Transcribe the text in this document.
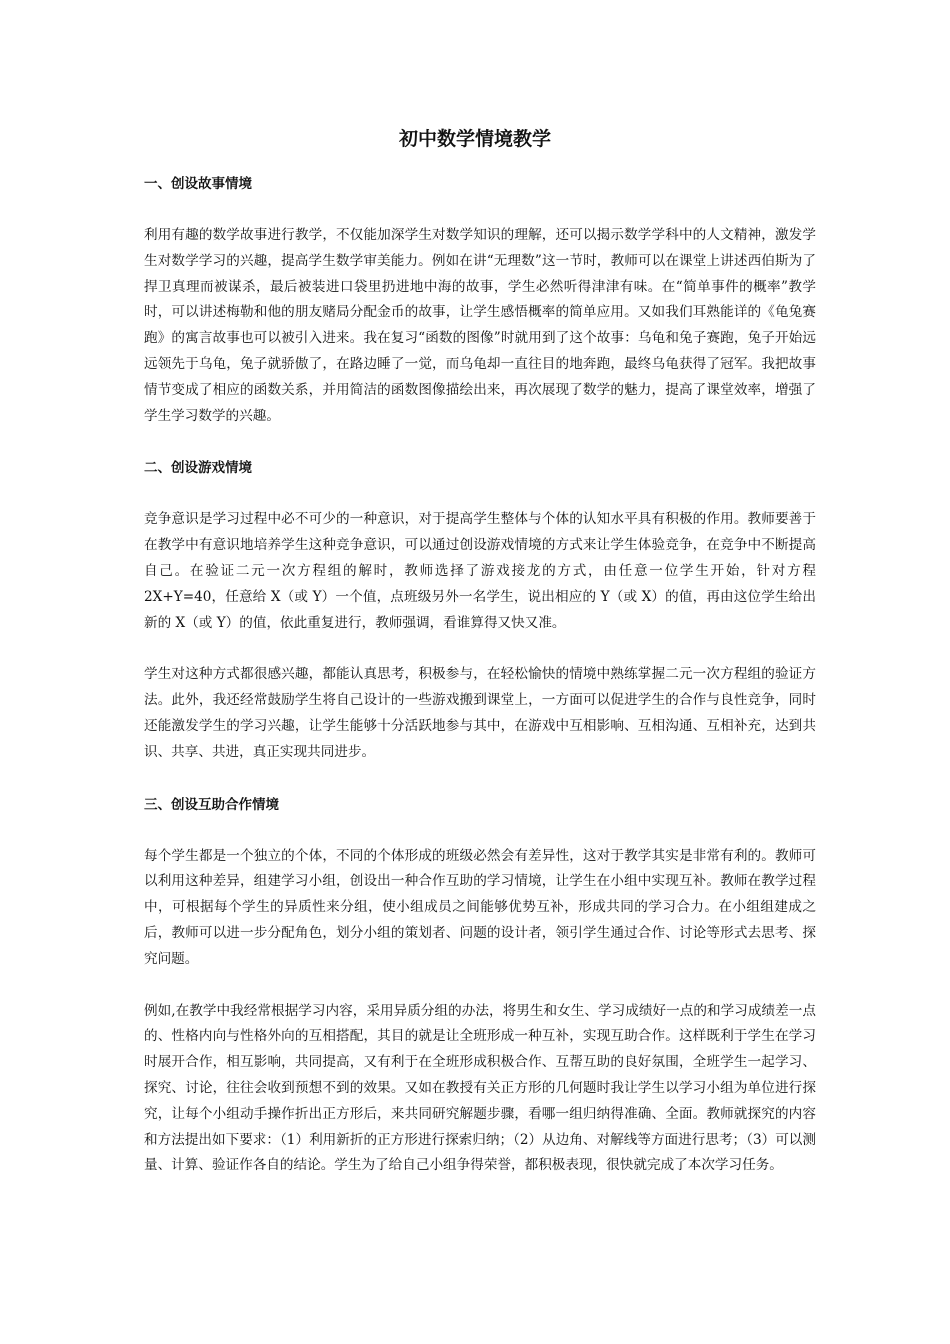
初中数学情境教学
一、创设故事情境

利用有趣的数学故事进行教学，不仅能加深学生对数学知识的理解，还可以揭示数学学科中的人文精神，激发学生对数学学习的兴趣，提高学生数学审美能力。例如在讲“无理数”这一节时，教师可以在课堂上讲述西伯斯为了捍卫真理而被谋杀，最后被装进口袋里扔进地中海的故事，学生必然听得津津有味。在“简单事件的概率”教学时，可以讲述梅勒和他的朋友赌局分配金币的故事，让学生感悟概率的简单应用。又如我们耳熟能详的《龟兔赛跑》的寓言故事也可以被引入进来。我在复习“函数的图像”时就用到了这个故事：乌龟和兔子赛跑，兔子开始远远领先于乌龟，兔子就骄傲了，在路边睡了一觉，而乌龟却一直往目的地奔跑，最终乌龟获得了冠军。我把故事情节变成了相应的函数关系，并用简洁的函数图像描绘出来，再次展现了数学的魅力，提高了课堂效率，增强了学生学习数学的兴趣。

二、创设游戏情境

竞争意识是学习过程中必不可少的一种意识，对于提高学生整体与个体的认知水平具有积极的作用。教师要善于在教学中有意识地培养学生这种竞争意识，可以通过创设游戏情境的方式来让学生体验竞争，在竞争中不断提高自己。在验证二元一次方程组的解时，教师选择了游戏接龙的方式，由任意一位学生开始，针对方程 2X+Y=40，任意给 X（或 Y）一个值，点班级另外一名学生，说出相应的 Y（或 X）的值，再由这位学生给出新的 X（或 Y）的值，依此重复进行，教师强调，看谁算得又快又准。

学生对这种方式都很感兴趣，都能认真思考，积极参与，在轻松愉快的情境中熟练掌握二元一次方程组的验证方法。此外，我还经常鼓励学生将自己设计的一些游戏搬到课堂上，一方面可以促进学生的合作与良性竞争，同时还能激发学生的学习兴趣，让学生能够十分活跃地参与其中，在游戏中互相影响、互相沟通、互相补充，达到共识、共享、共进，真正实现共同进步。

三、创设互助合作情境

每个学生都是一个独立的个体，不同的个体形成的班级必然会有差异性，这对于教学其实是非常有利的。教师可以利用这种差异，组建学习小组，创设出一种合作互助的学习情境，让学生在小组中实现互补。教师在教学过程中，可根据每个学生的异质性来分组，使小组成员之间能够优势互补，形成共同的学习合力。在小组组建成之后，教师可以进一步分配角色，划分小组的策划者、问题的设计者，领引学生通过合作、讨论等形式去思考、探究问题。

例如,在教学中我经常根据学习内容，采用异质分组的办法，将男生和女生、学习成绩好一点的和学习成绩差一点的、性格内向与性格外向的互相搭配，其目的就是让全班形成一种互补，实现互助合作。这样既利于学生在学习时展开合作，相互影响，共同提高，又有利于在全班形成积极合作、互帮互助的良好氛围，全班学生一起学习、探究、讨论，往往会收到预想不到的效果。又如在教授有关正方形的几何题时我让学生以学习小组为单位进行探究，让每个小组动手操作折出正方形后，来共同研究解题步骤，看哪一组归纳得准确、全面。教师就探究的内容和方法提出如下要求：（1）利用新折的正方形进行探索归纳；（2）从边角、对解线等方面进行思考；（3）可以测量、计算、验证作各自的结论。学生为了给自己小组争得荣誉，都积极表现，很快就完成了本次学习任务。
